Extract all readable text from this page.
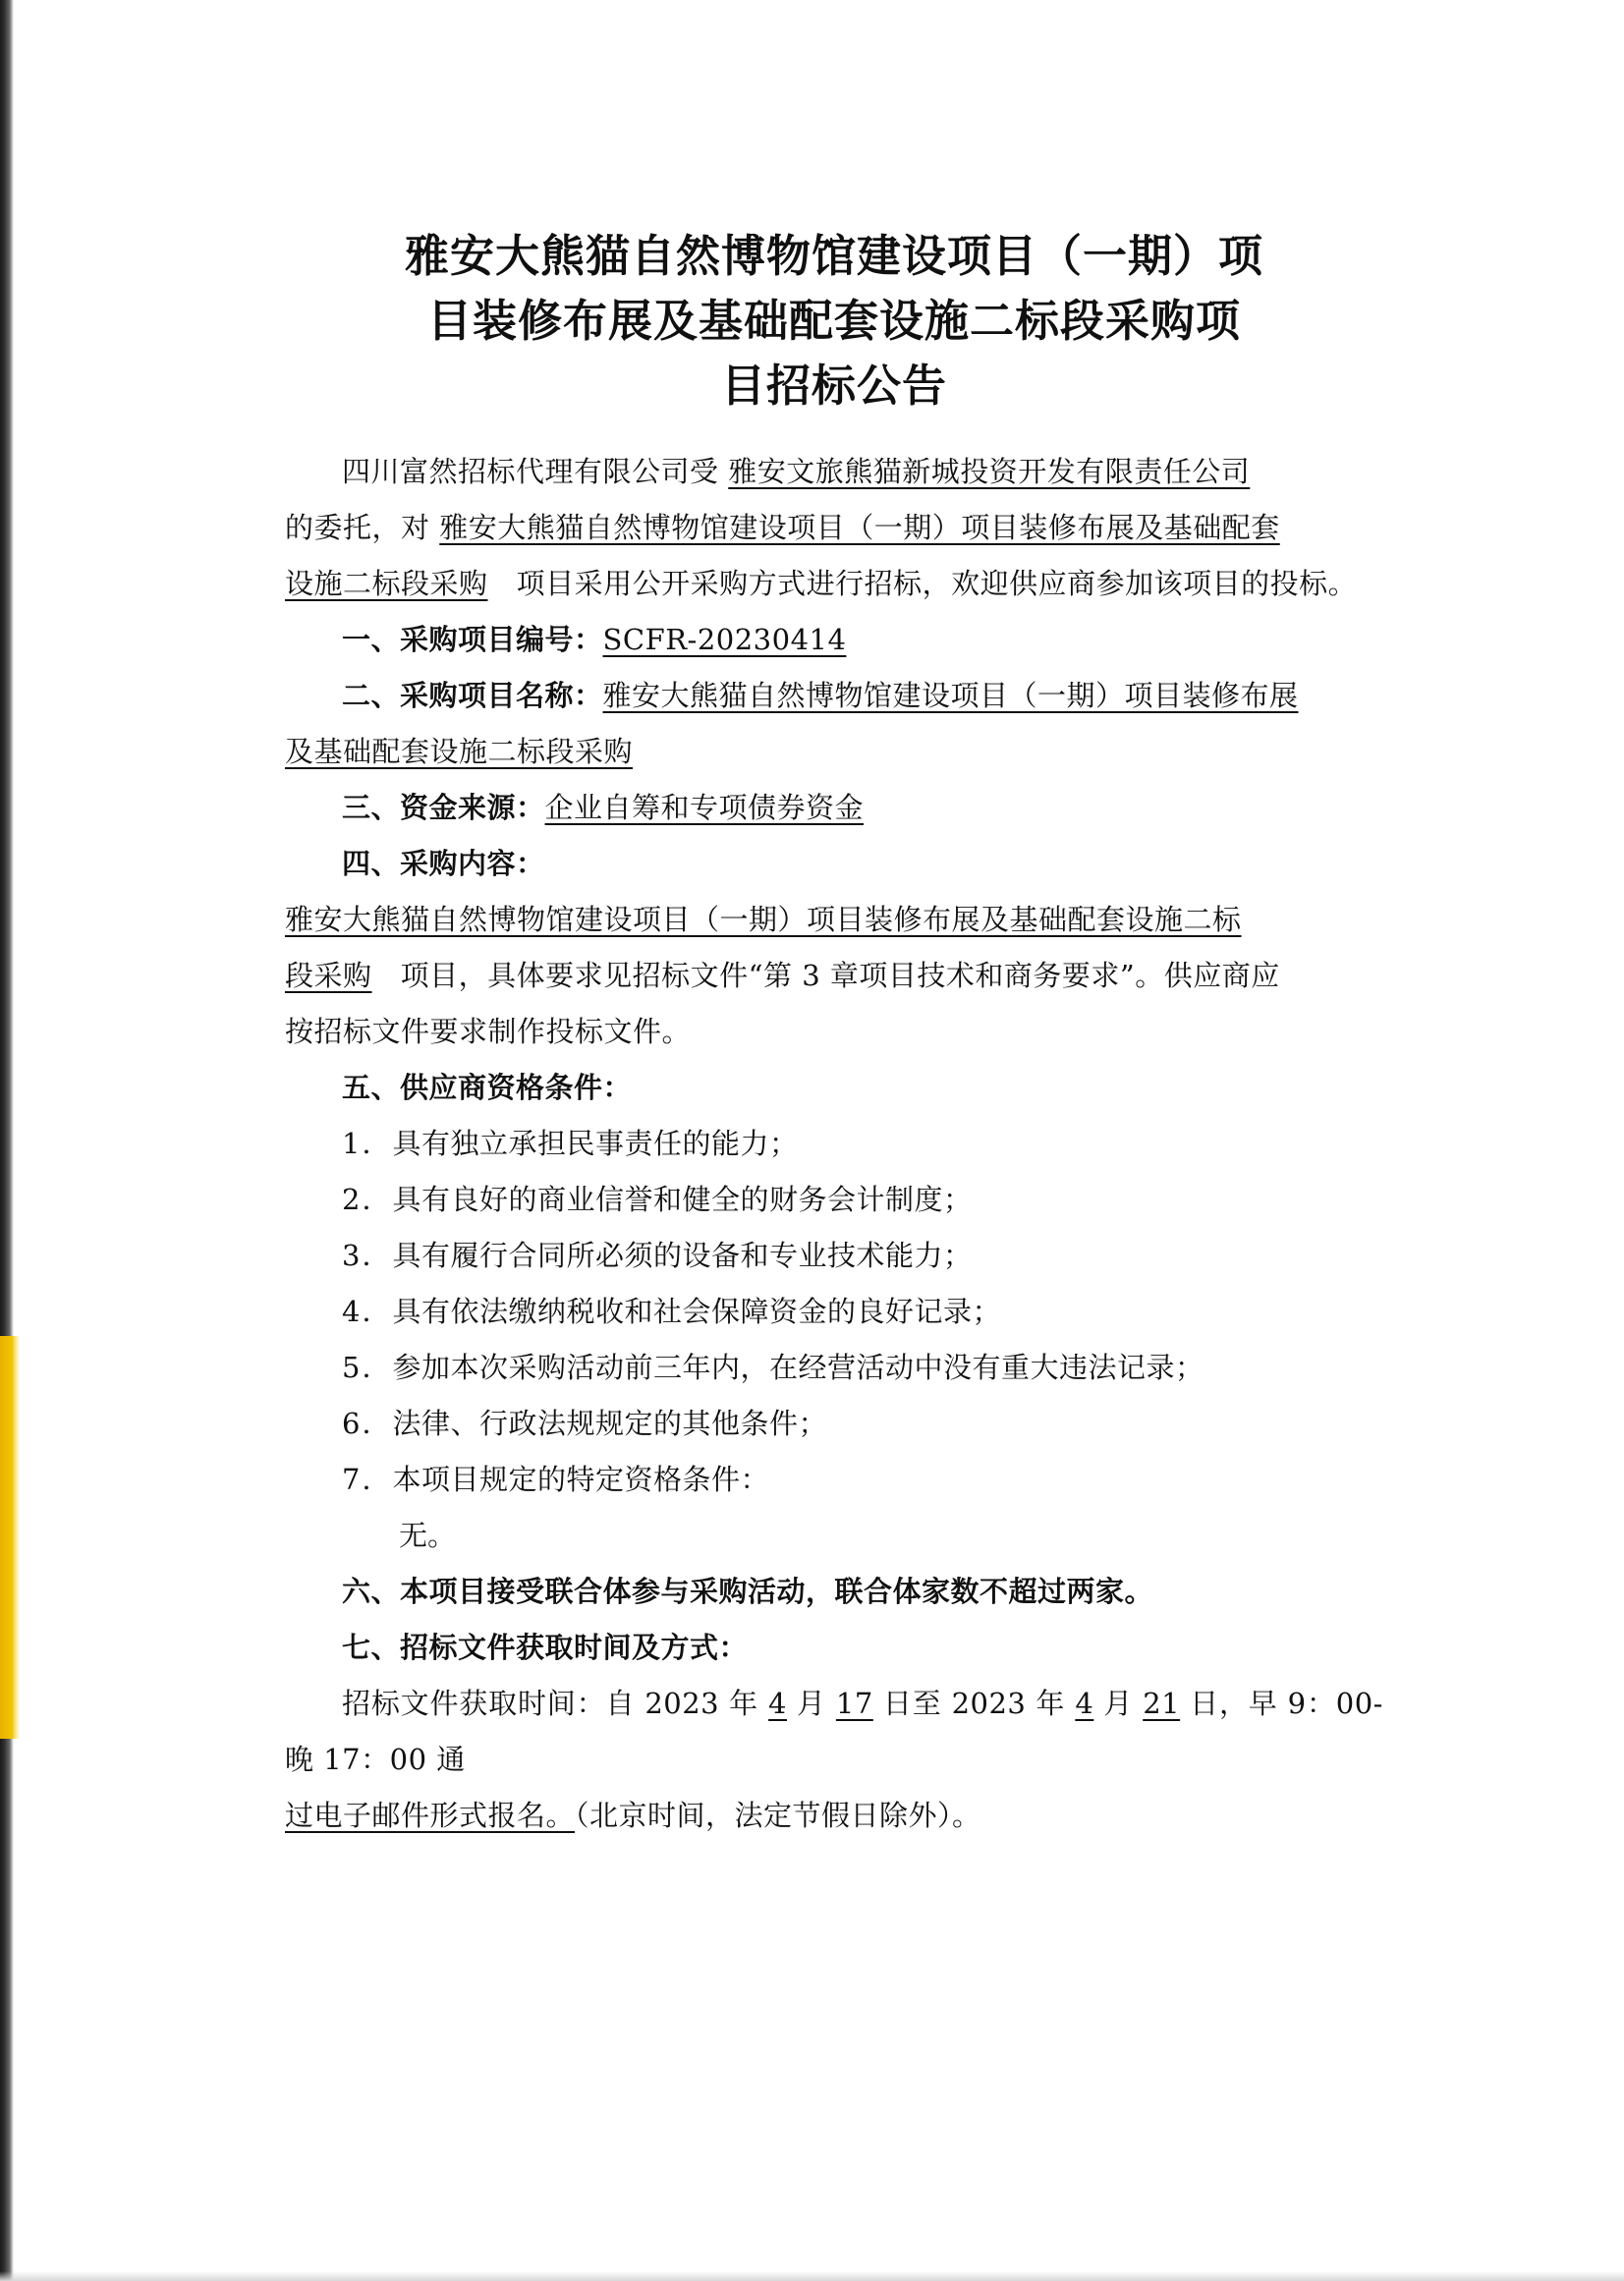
雅安大熊猫自然博物馆建设项目（一期）项
目装修布展及基础配套设施二标段采购项
目招标公告

四川富然招标代理有限公司受 雅安文旅熊猫新城投资开发有限责任公司
的委托，对 雅安大熊猫自然博物馆建设项目（一期）项目装修布展及基础配套
设施二标段采购 项目采用公开采购方式进行招标，欢迎供应商参加该项目的投标。

一、采购项目编号：SCFR-20230414

二、采购项目名称：雅安大熊猫自然博物馆建设项目（一期）项目装修布展

及基础配套设施二标段采购

三、资金来源：企业自筹和专项债券资金

四、采购内容：

雅安大熊猫自然博物馆建设项目（一期）项目装修布展及基础配套设施二标
段采购 项目，具体要求见招标文件“第 3 章项目技术和商务要求”。供应商应
按招标文件要求制作投标文件。

五、供应商资格条件：

1．具有独立承担民事责任的能力；
2．具有良好的商业信誉和健全的财务会计制度；
3．具有履行合同所必须的设备和专业技术能力；
4．具有依法缴纳税收和社会保障资金的良好记录；
5．参加本次采购活动前三年内，在经营活动中没有重大违法记录；
6．法律、行政法规规定的其他条件；
7．本项目规定的特定资格条件：

无。

六、本项目接受联合体参与采购活动，联合体家数不超过两家。

七、招标文件获取时间及方式：

招标文件获取时间：自 2023 年 4 月 17 日至 2023 年 4 月 21 日，早 9：00-晚 17：00 通
过电子邮件形式报名。（北京时间，法定节假日除外）。
